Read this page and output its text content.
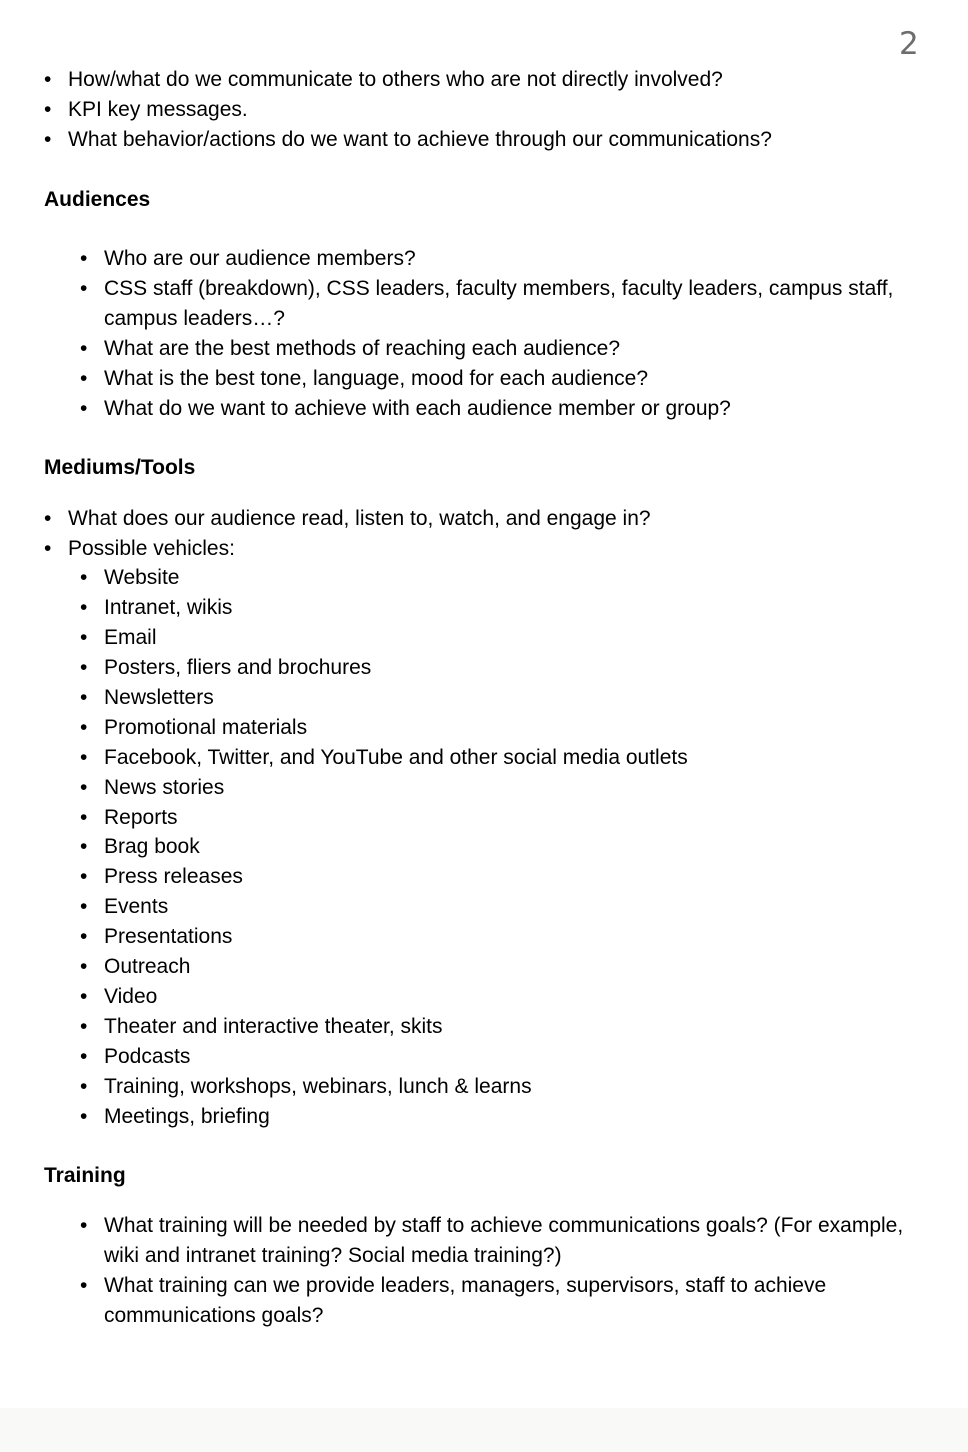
2
• How/what do we communicate to others who are not directly involved?
• KPI key messages.
• What behavior/actions do we want to achieve through our communications?
Audiences
• Who are our audience members?
• CSS staff (breakdown), CSS leaders, faculty members, faculty leaders, campus staff,
campus leaders…?
• What are the best methods of reaching each audience?
• What is the best tone, language, mood for each audience?
• What do we want to achieve with each audience member or group?
Mediums/Tools
• What does our audience read, listen to, watch, and engage in?
• Possible vehicles:
• Website
• Intranet, wikis
• Email
• Posters, fliers and brochures
• Newsletters
• Promotional materials
• Facebook, Twitter, and YouTube and other social media outlets
• News stories
• Reports
• Brag book
• Press releases
• Events
• Presentations
• Outreach
• Video
• Theater and interactive theater, skits
• Podcasts
• Training, workshops, webinars, lunch & learns
• Meetings, briefing
Training
• What training will be needed by staff to achieve communications goals? (For example,
wiki and intranet training? Social media training?)
• What training can we provide leaders, managers, supervisors, staff to achieve
communications goals?
